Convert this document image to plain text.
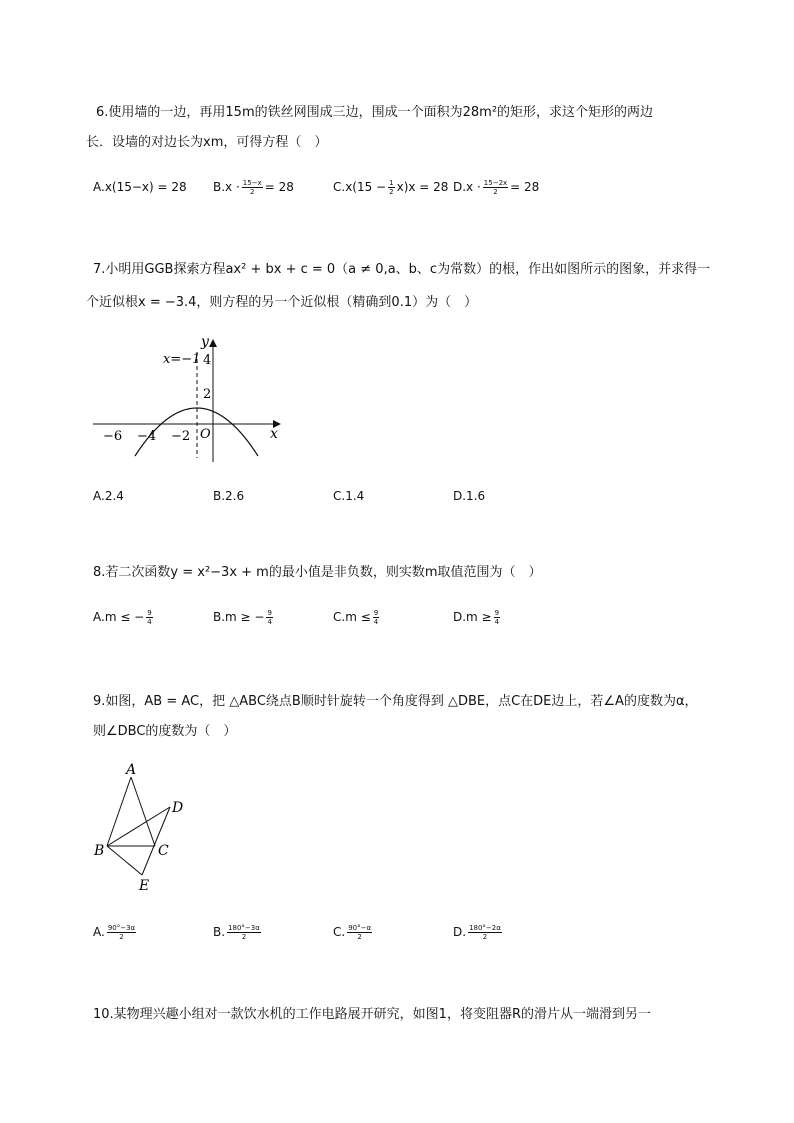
6.使用墙的一边，再用15m的铁丝网围成三边，围成一个面积为28m²的矩形，求这个矩形的两边
长．设墙的对边长为xm，可得方程（　）
A.x(15−x) = 28 $B.x \cdot \frac{15-x}{2} = 28$	$C.x(15 - \frac{1}{2} x)x = 28$ $D.x \cdot \frac{15-2x}{2} = 28$
7.小明用GGB探索方程ax² + bx + c = 0（a ≠ 0,a、b、c为常数）的根，作出如图所示的图象，并求得一
个近似根x = −3.4，则方程的另一个近似根（精确到0.1）为（　）
y
x
O
x=−1 4
2
−6 −4 −2
A.2.4	B.2.6	C.1.4	D.1.6
8.若二次函数y = x²−3x + m的最小值是非负数，则实数m取值范围为（　）
A.m ≤ − $\frac{9}{4}$	B.m ≥ − $\frac{9}{4}$	$C.m \le \frac{9}{4}$	$D.m \ge \frac{9}{4}$
9.如图，AB = AC，把 △ABC绕点B顺时针旋转一个角度得到 △DBE，点C在DE边上，若∠A的度数为α，
则∠DBC的度数为（　）
A
B	C
D
E
A. $\frac{90^\circ-3\alpha}{2}$	B. $\frac{180^\circ-3\alpha}{2}$	C. $\frac{90^\circ-\alpha}{2}$	D. $\frac{180^\circ-2\alpha}{2}$
10.某物理兴趣小组对一款饮水机的工作电路展开研究，如图1，将变阻器R的滑片从一端滑到另一
